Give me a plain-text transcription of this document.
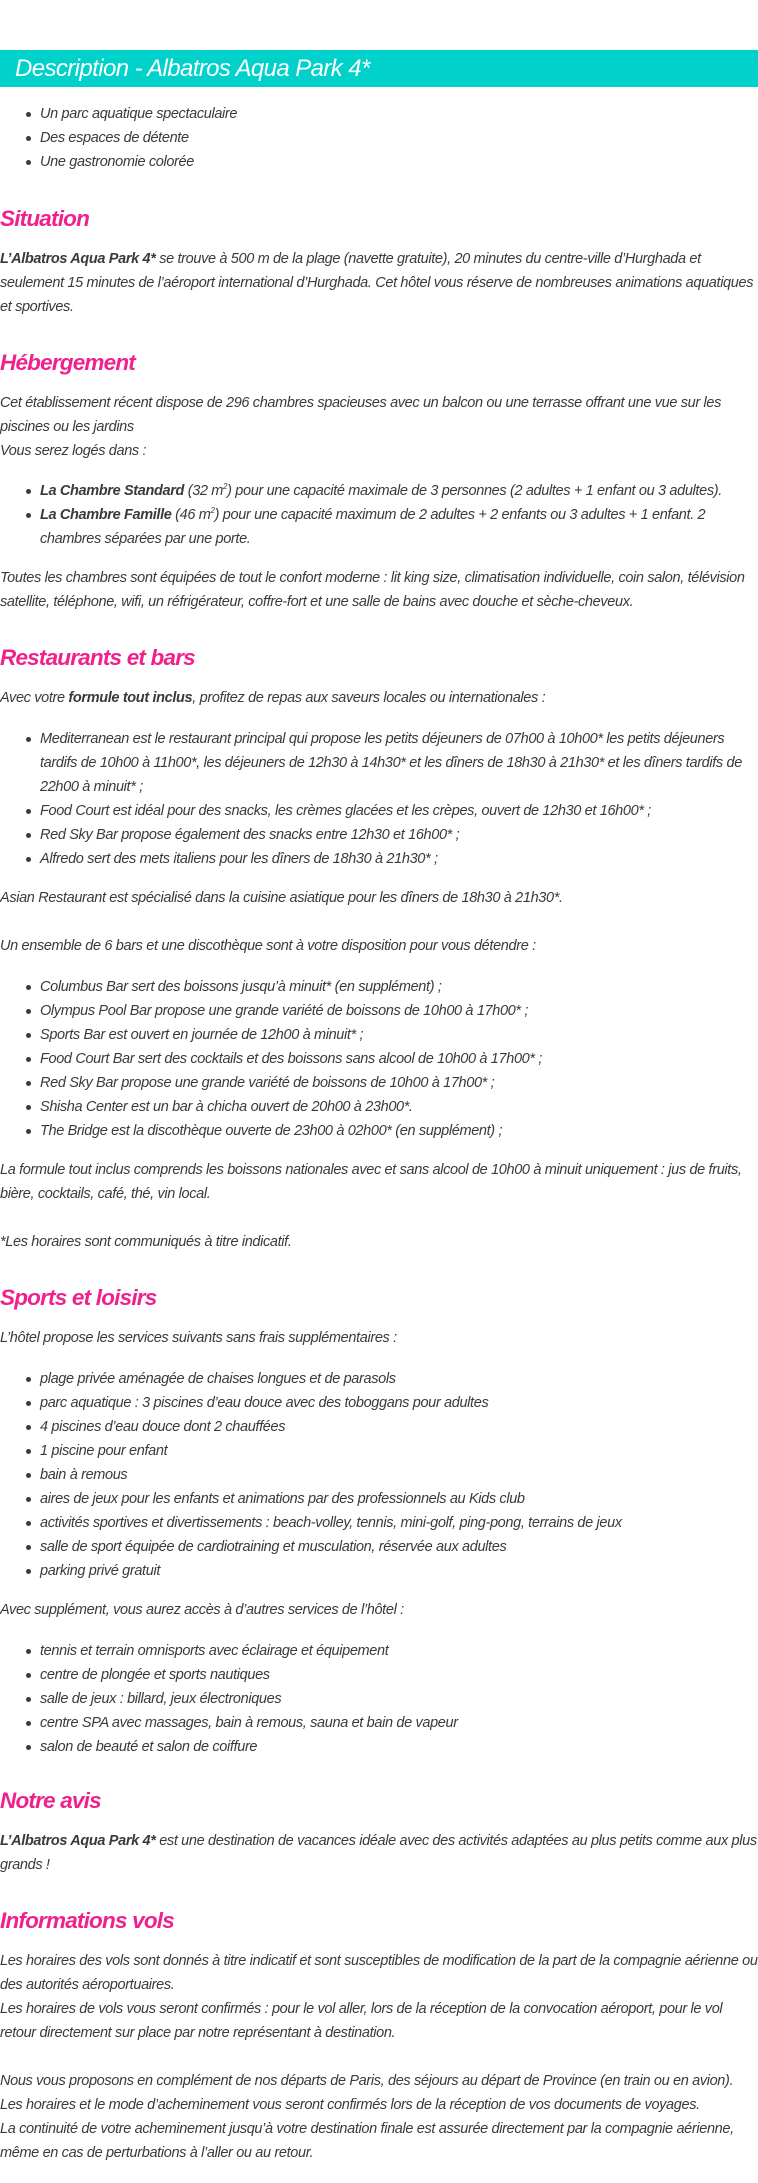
Description - Albatros Aqua Park 4*
Un parc aquatique spectaculaire
Des espaces de détente
Une gastronomie colorée
Situation

L’Albatros Aqua Park 4* se trouve à 500 m de la plage (navette gratuite), 20 minutes du centre-ville d’Hurghada et seulement 15 minutes de l’aéroport international d’Hurghada. Cet hôtel vous réserve de nombreuses animations aquatiques et sportives.

Hébergement

Cet établissement récent dispose de 296 chambres spacieuses avec un balcon ou une terrasse offrant une vue sur les piscines ou les jardins
Vous serez logés dans :

La Chambre Standard (32 $m^2$) pour une capacité maximale de 3 personnes (2 adultes + 1 enfant ou 3 adultes).
La Chambre Famille (46 $m^2$) pour une capacité maximum de 2 adultes + 2 enfants ou 3 adultes + 1 enfant. 2 chambres séparées par une porte.

Toutes les chambres sont équipées de tout le confort moderne : lit king size, climatisation individuelle, coin salon, télévision satellite, téléphone, wifi, un réfrigérateur, coffre-fort et une salle de bains avec douche et sèche-cheveux.

Restaurants et bars

Avec votre formule tout inclus, profitez de repas aux saveurs locales ou internationales :

Mediterranean est le restaurant principal qui propose les petits déjeuners de 07h00 à 10h00* les petits déjeuners tardifs de 10h00 à 11h00*, les déjeuners de 12h30 à 14h30* et les dîners de 18h30 à 21h30* et les dîners tardifs de 22h00 à minuit* ;
Food Court est idéal pour des snacks, les crèmes glacées et les crèpes, ouvert de 12h30 et 16h00* ;
Red Sky Bar propose également des snacks entre 12h30 et 16h00* ;
Alfredo sert des mets italiens pour les dîners de 18h30 à 21h30* ;

Asian Restaurant est spécialisé dans la cuisine asiatique pour les dîners de 18h30 à 21h30*.

Un ensemble de 6 bars et une discothèque sont à votre disposition pour vous détendre :

Columbus Bar sert des boissons jusqu’à minuit* (en supplément) ;
Olympus Pool Bar propose une grande variété de boissons de 10h00 à 17h00* ;
Sports Bar est ouvert en journée de 12h00 à minuit* ;
Food Court Bar sert des cocktails et des boissons sans alcool de 10h00 à 17h00* ;
Red Sky Bar propose une grande variété de boissons de 10h00 à 17h00* ;
Shisha Center est un bar à chicha ouvert de 20h00 à 23h00*.
The Bridge est la discothèque ouverte de 23h00 à 02h00* (en supplément) ;

La formule tout inclus comprends les boissons nationales avec et sans alcool de 10h00 à minuit uniquement : jus de fruits, bière, cocktails, café, thé, vin local.

*Les horaires sont communiqués à titre indicatif.

Sports et loisirs

L’hôtel propose les services suivants sans frais supplémentaires :

plage privée aménagée de chaises longues et de parasols
parc aquatique : 3 piscines d’eau douce avec des toboggans pour adultes
4 piscines d’eau douce dont 2 chauffées
1 piscine pour enfant
bain à remous
aires de jeux pour les enfants et animations par des professionnels au Kids club
activités sportives et divertissements : beach-volley, tennis, mini-golf, ping-pong, terrains de jeux
salle de sport équipée de cardiotraining et musculation, réservée aux adultes
parking privé gratuit

Avec supplément, vous aurez accès à d’autres services de l’hôtel :

tennis et terrain omnisports avec éclairage et équipement
centre de plongée et sports nautiques
salle de jeux : billard, jeux électroniques
centre SPA avec massages, bain à remous, sauna et bain de vapeur
salon de beauté et salon de coiffure
Notre avis

L’Albatros Aqua Park 4* est une destination de vacances idéale avec des activités adaptées au plus petits comme aux plus grands !

Informations vols

Les horaires des vols sont donnés à titre indicatif et sont susceptibles de modification de la part de la compagnie aérienne ou des autorités aéroportuaires.
Les horaires de vols vous seront confirmés : pour le vol aller, lors de la réception de la convocation aéroport, pour le vol retour directement sur place par notre représentant à destination.

Nous vous proposons en complément de nos départs de Paris, des séjours au départ de Province (en train ou en avion).
Les horaires et le mode d’acheminement vous seront confirmés lors de la réception de vos documents de voyages.
La continuité de votre acheminement jusqu’à votre destination finale est assurée directement par la compagnie aérienne, même en cas de perturbations à l’aller ou au retour.
